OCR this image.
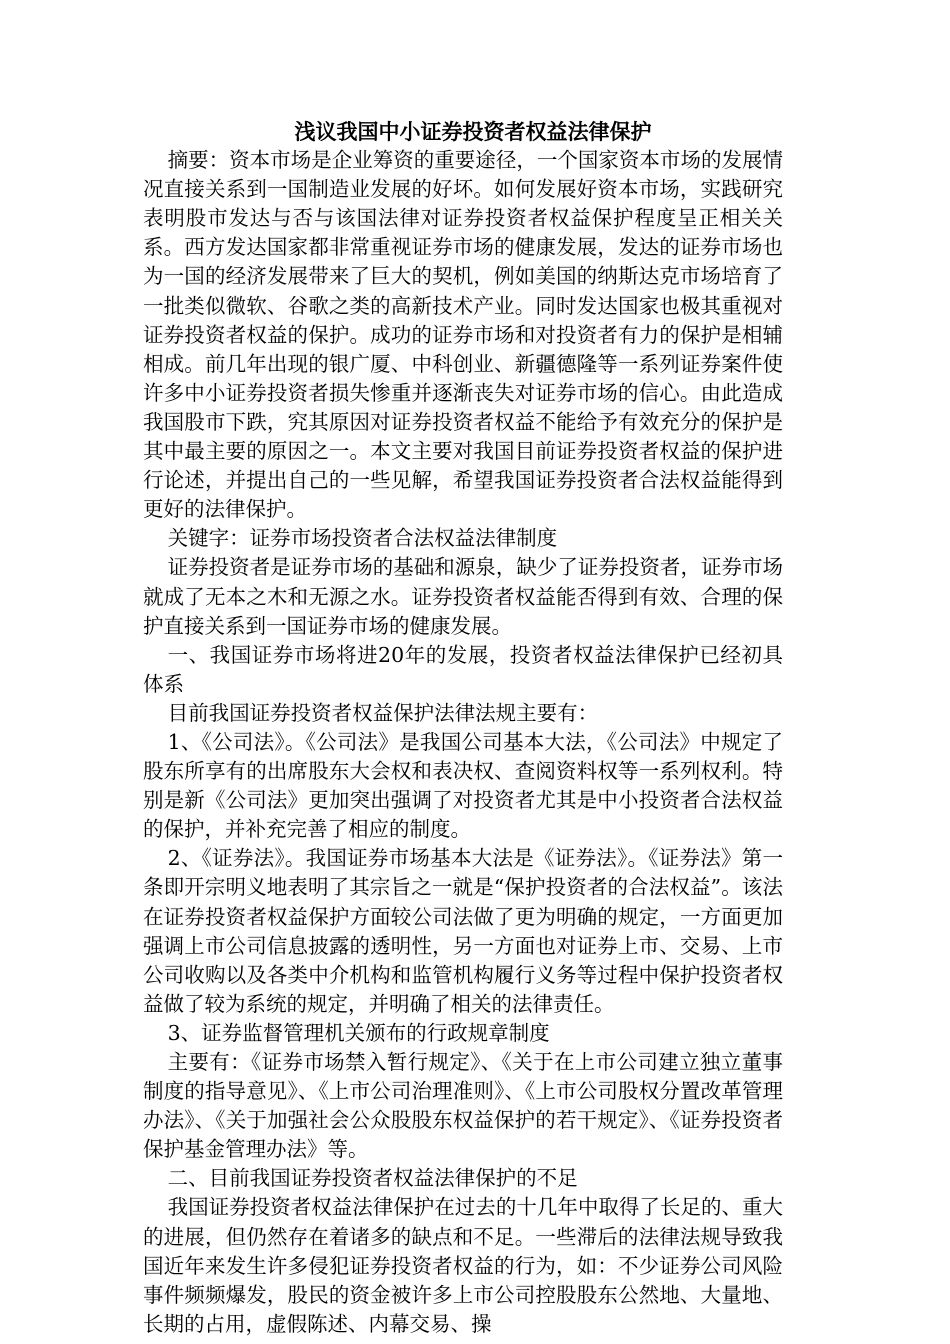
浅议我国中小证券投资者权益法律保护

摘要：资本市场是企业筹资的重要途径，一个国家资本市场的发展情况直接关系到一国制造业发展的好坏。如何发展好资本市场，实践研究表明股市发达与否与该国法律对证券投资者权益保护程度呈正相关关系。西方发达国家都非常重视证券市场的健康发展，发达的证券市场也为一国的经济发展带来了巨大的契机，例如美国的纳斯达克市场培育了一批类似微软、谷歌之类的高新技术产业。同时发达国家也极其重视对证券投资者权益的保护。成功的证券市场和对投资者有力的保护是相辅相成。前几年出现的银广厦、中科创业、新疆德隆等一系列证券案件使许多中小证券投资者损失惨重并逐渐丧失对证券市场的信心。由此造成我国股市下跌，究其原因对证券投资者权益不能给予有效充分的保护是其中最主要的原因之一。本文主要对我国目前证券投资者权益的保护进行论述，并提出自己的一些见解，希望我国证券投资者合法权益能得到更好的法律保护。

关键字：证券市场投资者合法权益法律制度

证券投资者是证券市场的基础和源泉，缺少了证券投资者，证券市场就成了无本之木和无源之水。证券投资者权益能否得到有效、合理的保护直接关系到一国证券市场的健康发展。

一、我国证券市场将进20年的发展，投资者权益法律保护已经初具体系

目前我国证券投资者权益保护法律法规主要有：

1、《公司法》。《公司法》是我国公司基本大法，《公司法》中规定了股东所享有的出席股东大会权和表决权、查阅资料权等一系列权利。特别是新《公司法》更加突出强调了对投资者尤其是中小投资者合法权益的保护，并补充完善了相应的制度。

2、《证券法》。我国证券市场基本大法是《证券法》。《证券法》第一条即开宗明义地表明了其宗旨之一就是“保护投资者的合法权益”。该法在证券投资者权益保护方面较公司法做了更为明确的规定，一方面更加强调上市公司信息披露的透明性，另一方面也对证券上市、交易、上市公司收购以及各类中介机构和监管机构履行义务等过程中保护投资者权益做了较为系统的规定，并明确了相关的法律责任。

3、证券监督管理机关颁布的行政规章制度

主要有：《证券市场禁入暂行规定》、《关于在上市公司建立独立董事制度的指导意见》、《上市公司治理准则》、《上市公司股权分置改革管理办法》、《关于加强社会公众股股东权益保护的若干规定》、《证券投资者保护基金管理办法》等。

二、目前我国证券投资者权益法律保护的不足

我国证券投资者权益法律保护在过去的十几年中取得了长足的、重大的进展，但仍然存在着诸多的缺点和不足。一些滞后的法律法规导致我国近年来发生许多侵犯证券投资者权益的行为，如：不少证券公司风险事件频频爆发，股民的资金被许多上市公司控股股东公然地、大量地、长期的占用，虚假陈述、内幕交易、操
